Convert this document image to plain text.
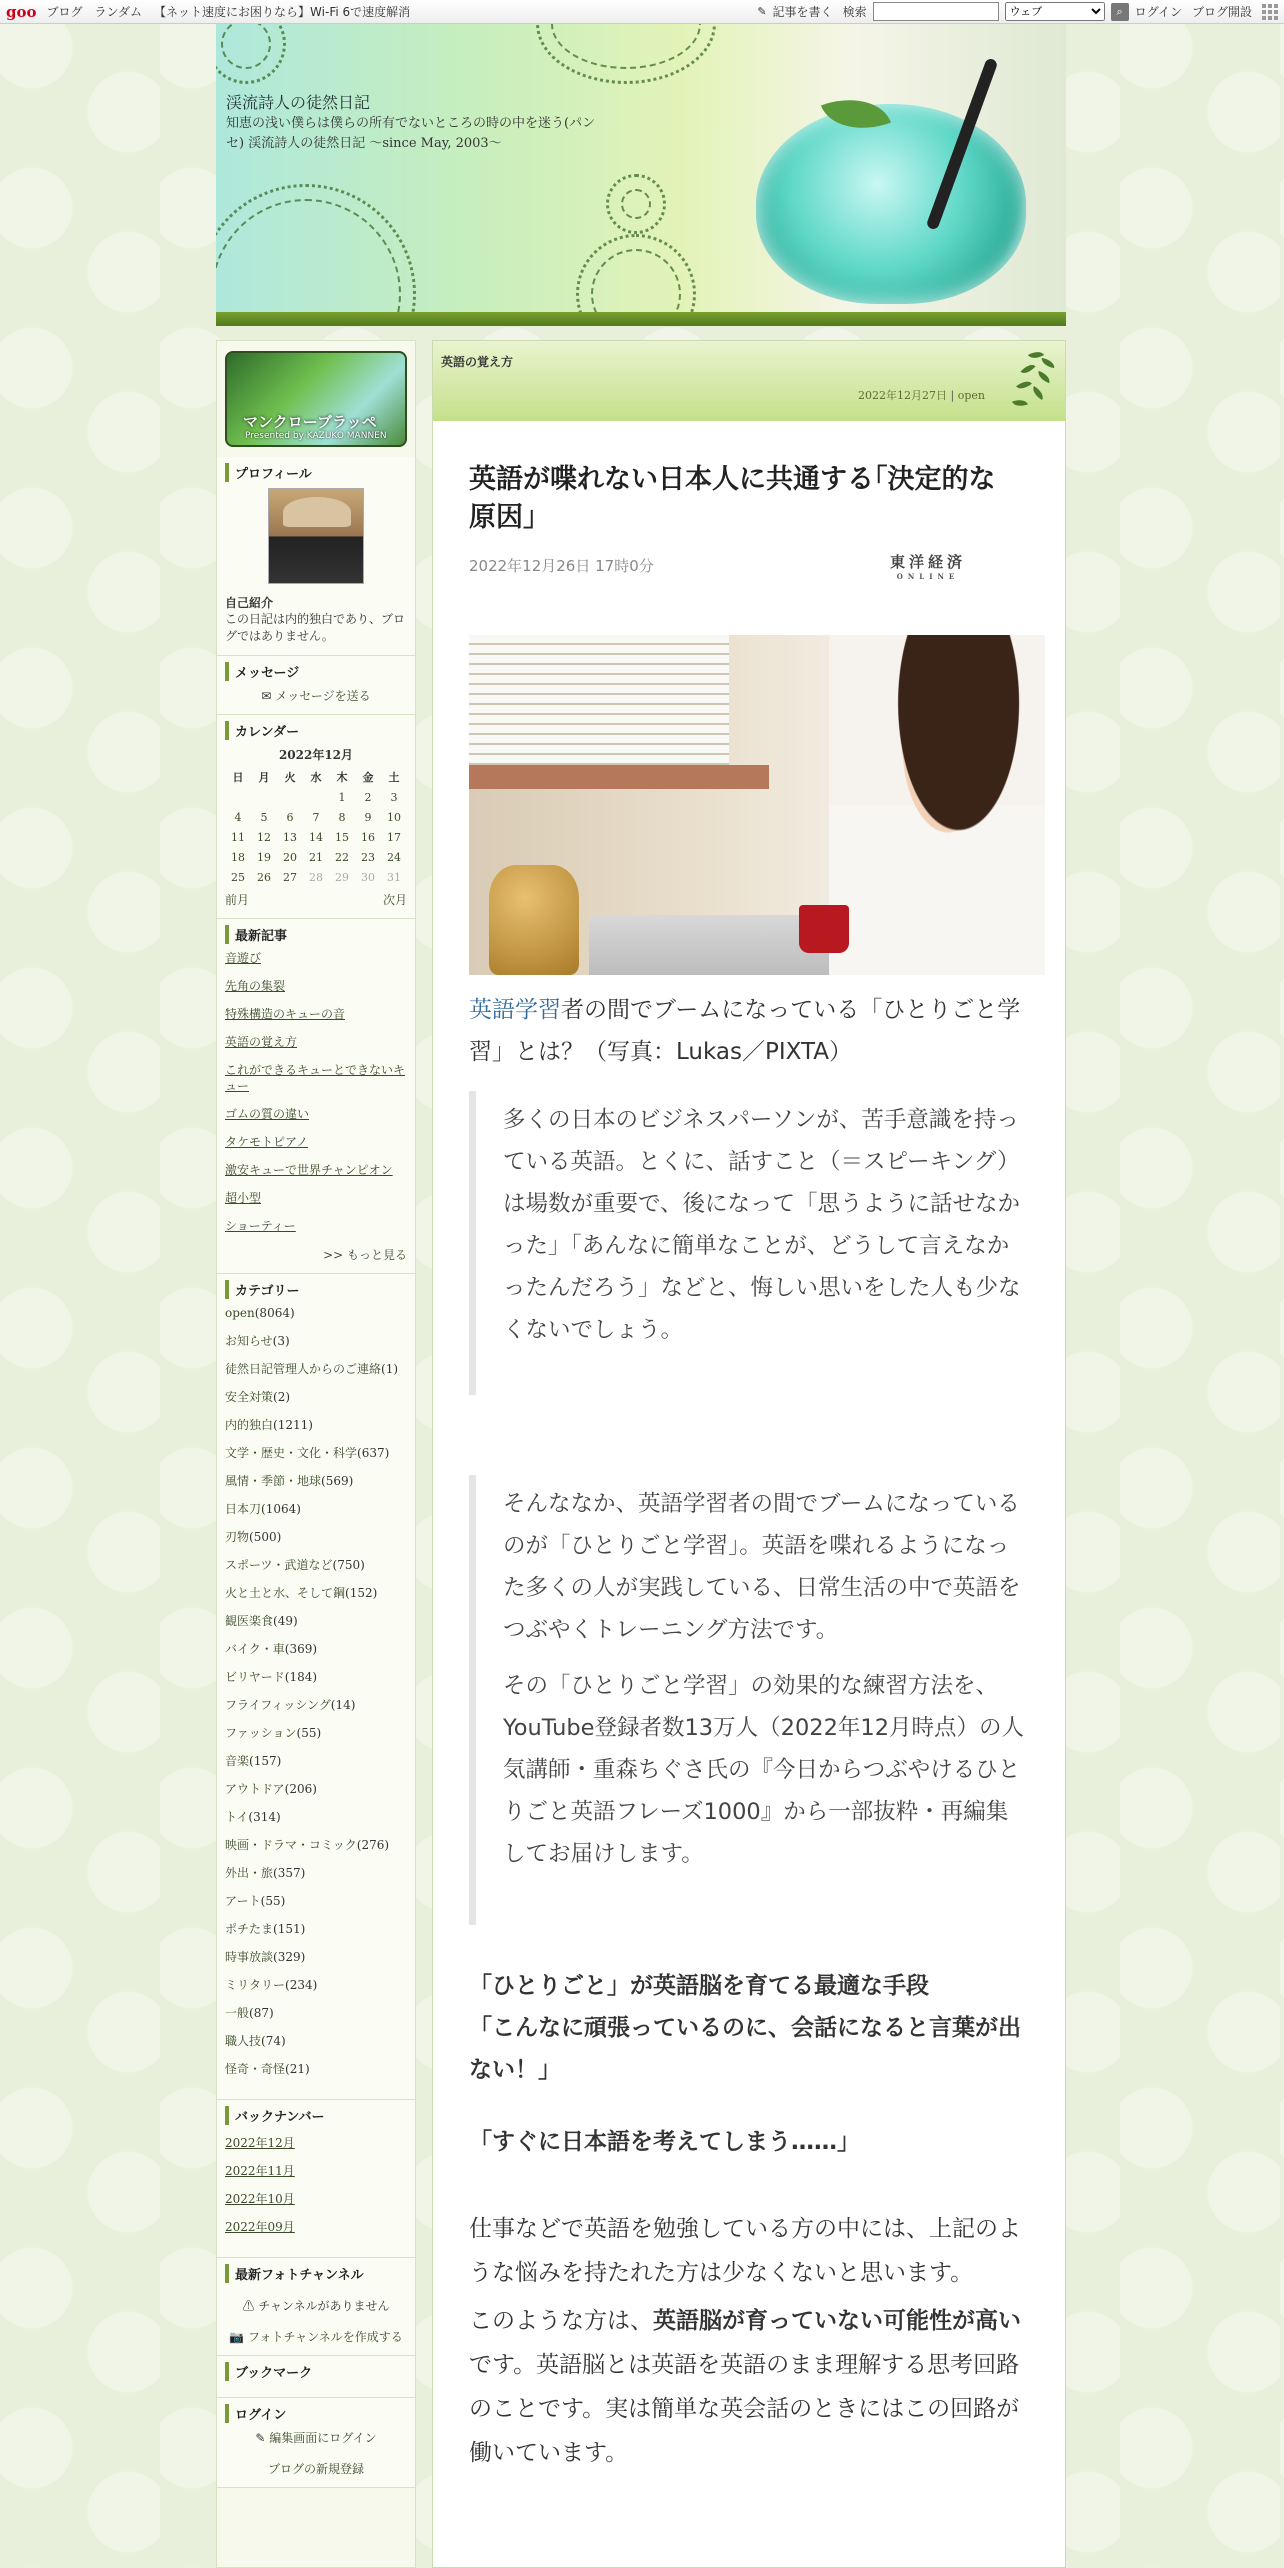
goo ブログ ランダム 【ネット速度にお困りなら】Wi-Fi 6で速度解消	✎ 記事を書く 検索
ウェブ	⌕ ログイン ブログ開設
渓流詩人の徒然日記
知恵の浅い僕らは僕らの所有でないところの時の中を迷う(パンセ) 渓流詩人の徒然日記 ～since May, 2003～
マンクローブラッペ
Presented by KAZUKO MANNEN
プロフィール
自己紹介
この日記は内的独白であり、ブログではありません。
メッセージ
✉ メッセージを送る
カレンダー
2022年12月
日	月	火	水	木	金	土
				1	2	3
4	5	6	7	8	9	10
11	12	13	14	15	16	17
18	19	20	21	22	23	24
25	26	27	28	29	30	31
前月	次月
最新記事
音遊び
先角の集裂
特殊構造のキューの音
英語の覚え方
これができるキューとできないキュー
ゴムの質の違い
タケモトピアノ
激安キューで世界チャンピオン
超小型
ショーティー
>> もっと見る
カテゴリー
open(8064)
お知らせ(3)
徒然日記管理人からのご連絡(1)
安全対策(2)
内的独白(1211)
文学・歴史・文化・科学(637)
風情・季節・地球(569)
日本刀(1064)
刃物(500)
スポーツ・武道など(750)
火と土と水、そして鋼(152)
観医楽食(49)
バイク・車(369)
ビリヤード(184)
フライフィッシング(14)
ファッション(55)
音楽(157)
アウトドア(206)
トイ(314)
映画・ドラマ・コミック(276)
外出・旅(357)
アート(55)
ポチたま(151)
時事放談(329)
ミリタリー(234)
一般(87)
職人技(74)
怪奇・奇怪(21)
バックナンバー
2022年12月
2022年11月
2022年10月
2022年09月
最新フォトチャンネル
⚠ チャンネルがありません
📷 フォトチャンネルを作成する
ブックマーク
ログイン
✎ 編集画面にログイン
ブログの新規登録
英語の覚え方
2022年12月27日 | open
英語が喋れない日本人に共通する｢決定的な原因｣
2022年12月26日 17時0分	東洋経済
ONLINE

英語学習者の間でブームになっている「ひとりごと学習」とは？（写真：Lukas／PIXTA）

多くの日本のビジネスパーソンが、苦手意識を持っている英語。とくに、話すこと（＝スピーキング）は場数が重要で、後になって「思うように話せなかった」「あんなに簡単なことが、どうして言えなかったんだろう」などと、悔しい思いをした人も少なくないでしょう。

そんななか、英語学習者の間でブームになっているのが「ひとりごと学習」。英語を喋れるようになった多くの人が実践している、日常生活の中で英語をつぶやくトレーニング方法です。

その「ひとりごと学習」の効果的な練習方法を、YouTube登録者数13万人（2022年12月時点）の人気講師・重森ちぐさ氏の『今日からつぶやけるひとりごと英語フレーズ1000』から一部抜粋・再編集してお届けします。

「ひとりごと」が英語脳を育てる最適な手段

「こんなに頑張っているのに、会話になると言葉が出ない！」

「すぐに日本語を考えてしまう……」

仕事などで英語を勉強している方の中には、上記のような悩みを持たれた方は少なくないと思います。

このような方は、英語脳が育っていない可能性が高いです。英語脳とは英語を英語のまま理解する思考回路のことです。実は簡単な英会話のときにはこの回路が働いています。
